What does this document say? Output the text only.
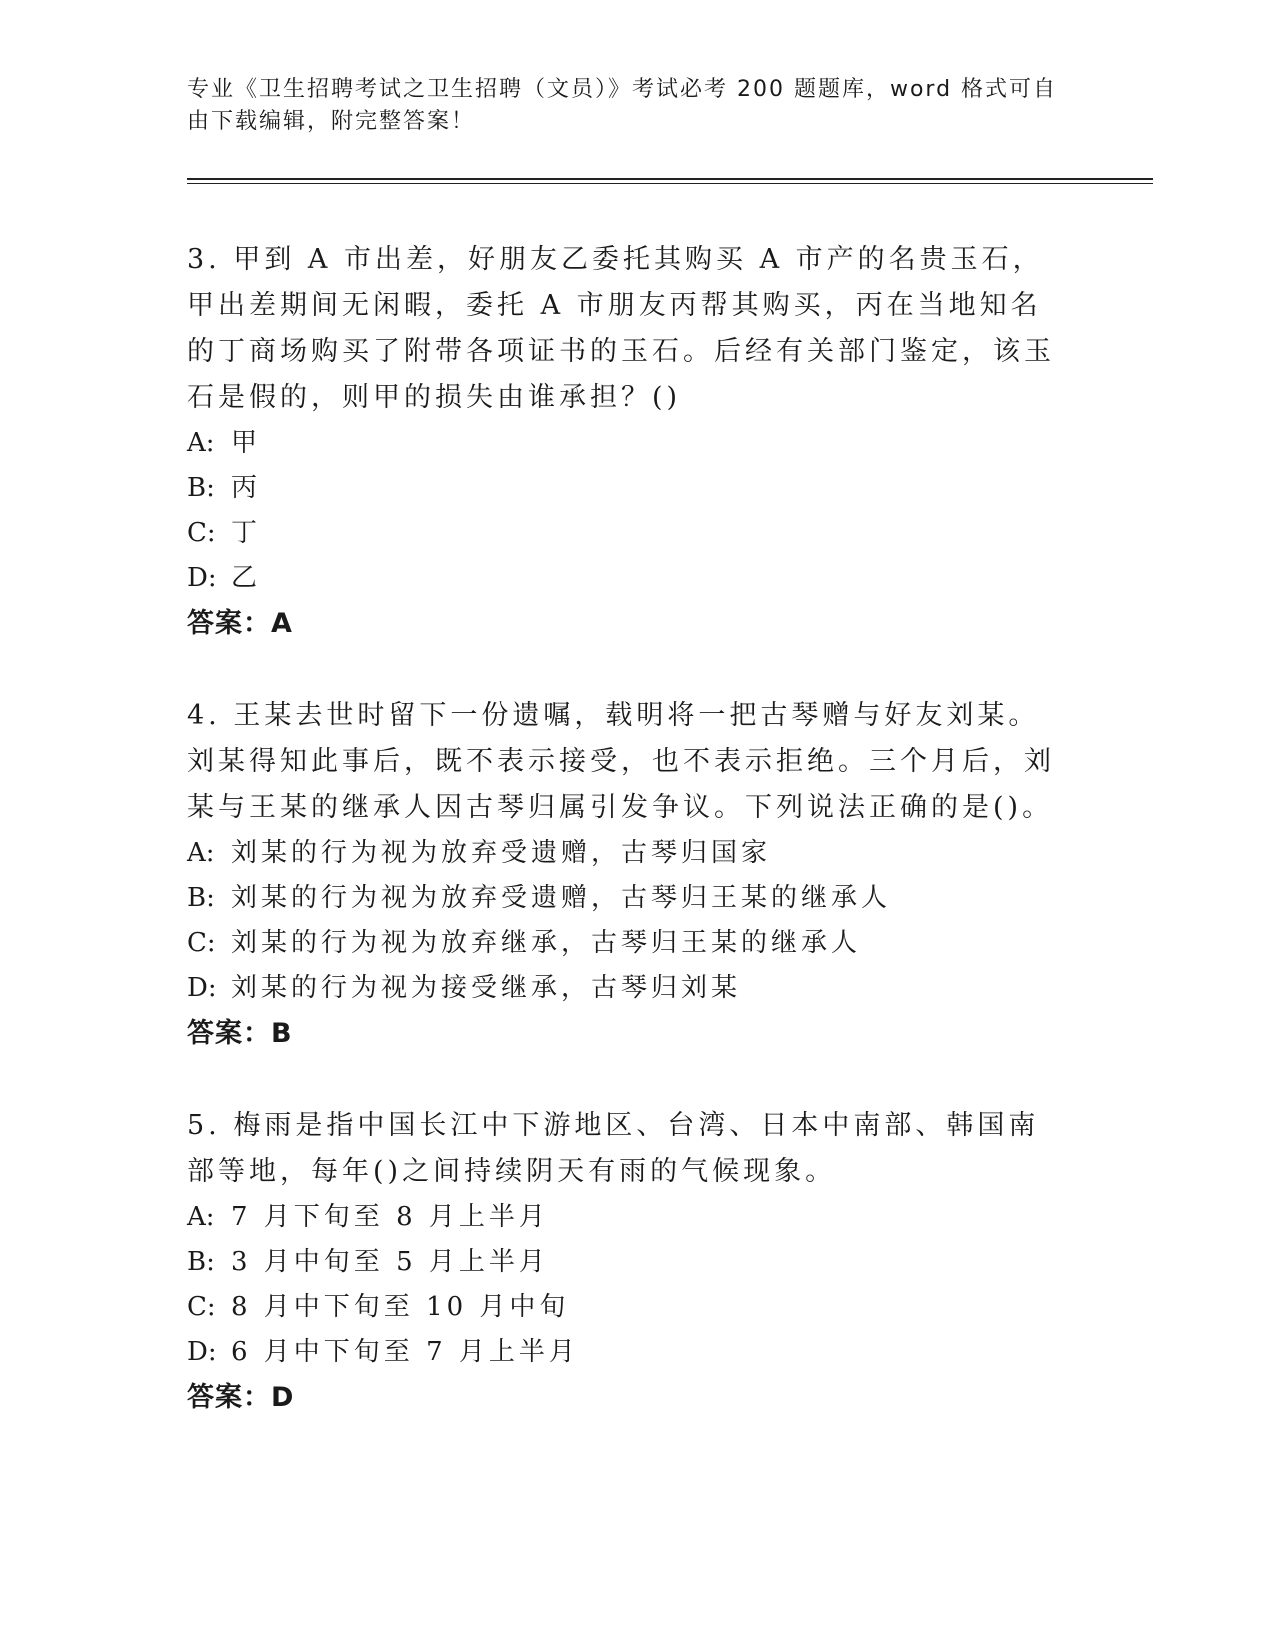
专业《卫生招聘考试之卫生招聘（文员）》考试必考 200 题题库，word 格式可自由下载编辑，附完整答案！

3. 甲到 A 市出差，好朋友乙委托其购买 A 市产的名贵玉石，甲出差期间无闲暇，委托 A 市朋友丙帮其购买，丙在当地知名的丁商场购买了附带各项证书的玉石。后经有关部门鉴定，该玉石是假的，则甲的损失由谁承担？()

A: 甲
B: 丙
C: 丁
D: 乙
答案：A

4. 王某去世时留下一份遗嘱，载明将一把古琴赠与好友刘某。刘某得知此事后，既不表示接受，也不表示拒绝。三个月后，刘某与王某的继承人因古琴归属引发争议。下列说法正确的是()。

A: 刘某的行为视为放弃受遗赠，古琴归国家
B: 刘某的行为视为放弃受遗赠，古琴归王某的继承人
C: 刘某的行为视为放弃继承，古琴归王某的继承人
D: 刘某的行为视为接受继承，古琴归刘某
答案：B

5. 梅雨是指中国长江中下游地区、台湾、日本中南部、韩国南部等地，每年()之间持续阴天有雨的气候现象。

A: 7 月下旬至 8 月上半月
B: 3 月中旬至 5 月上半月
C: 8 月中下旬至 10 月中旬
D: 6 月中下旬至 7 月上半月
答案：D
